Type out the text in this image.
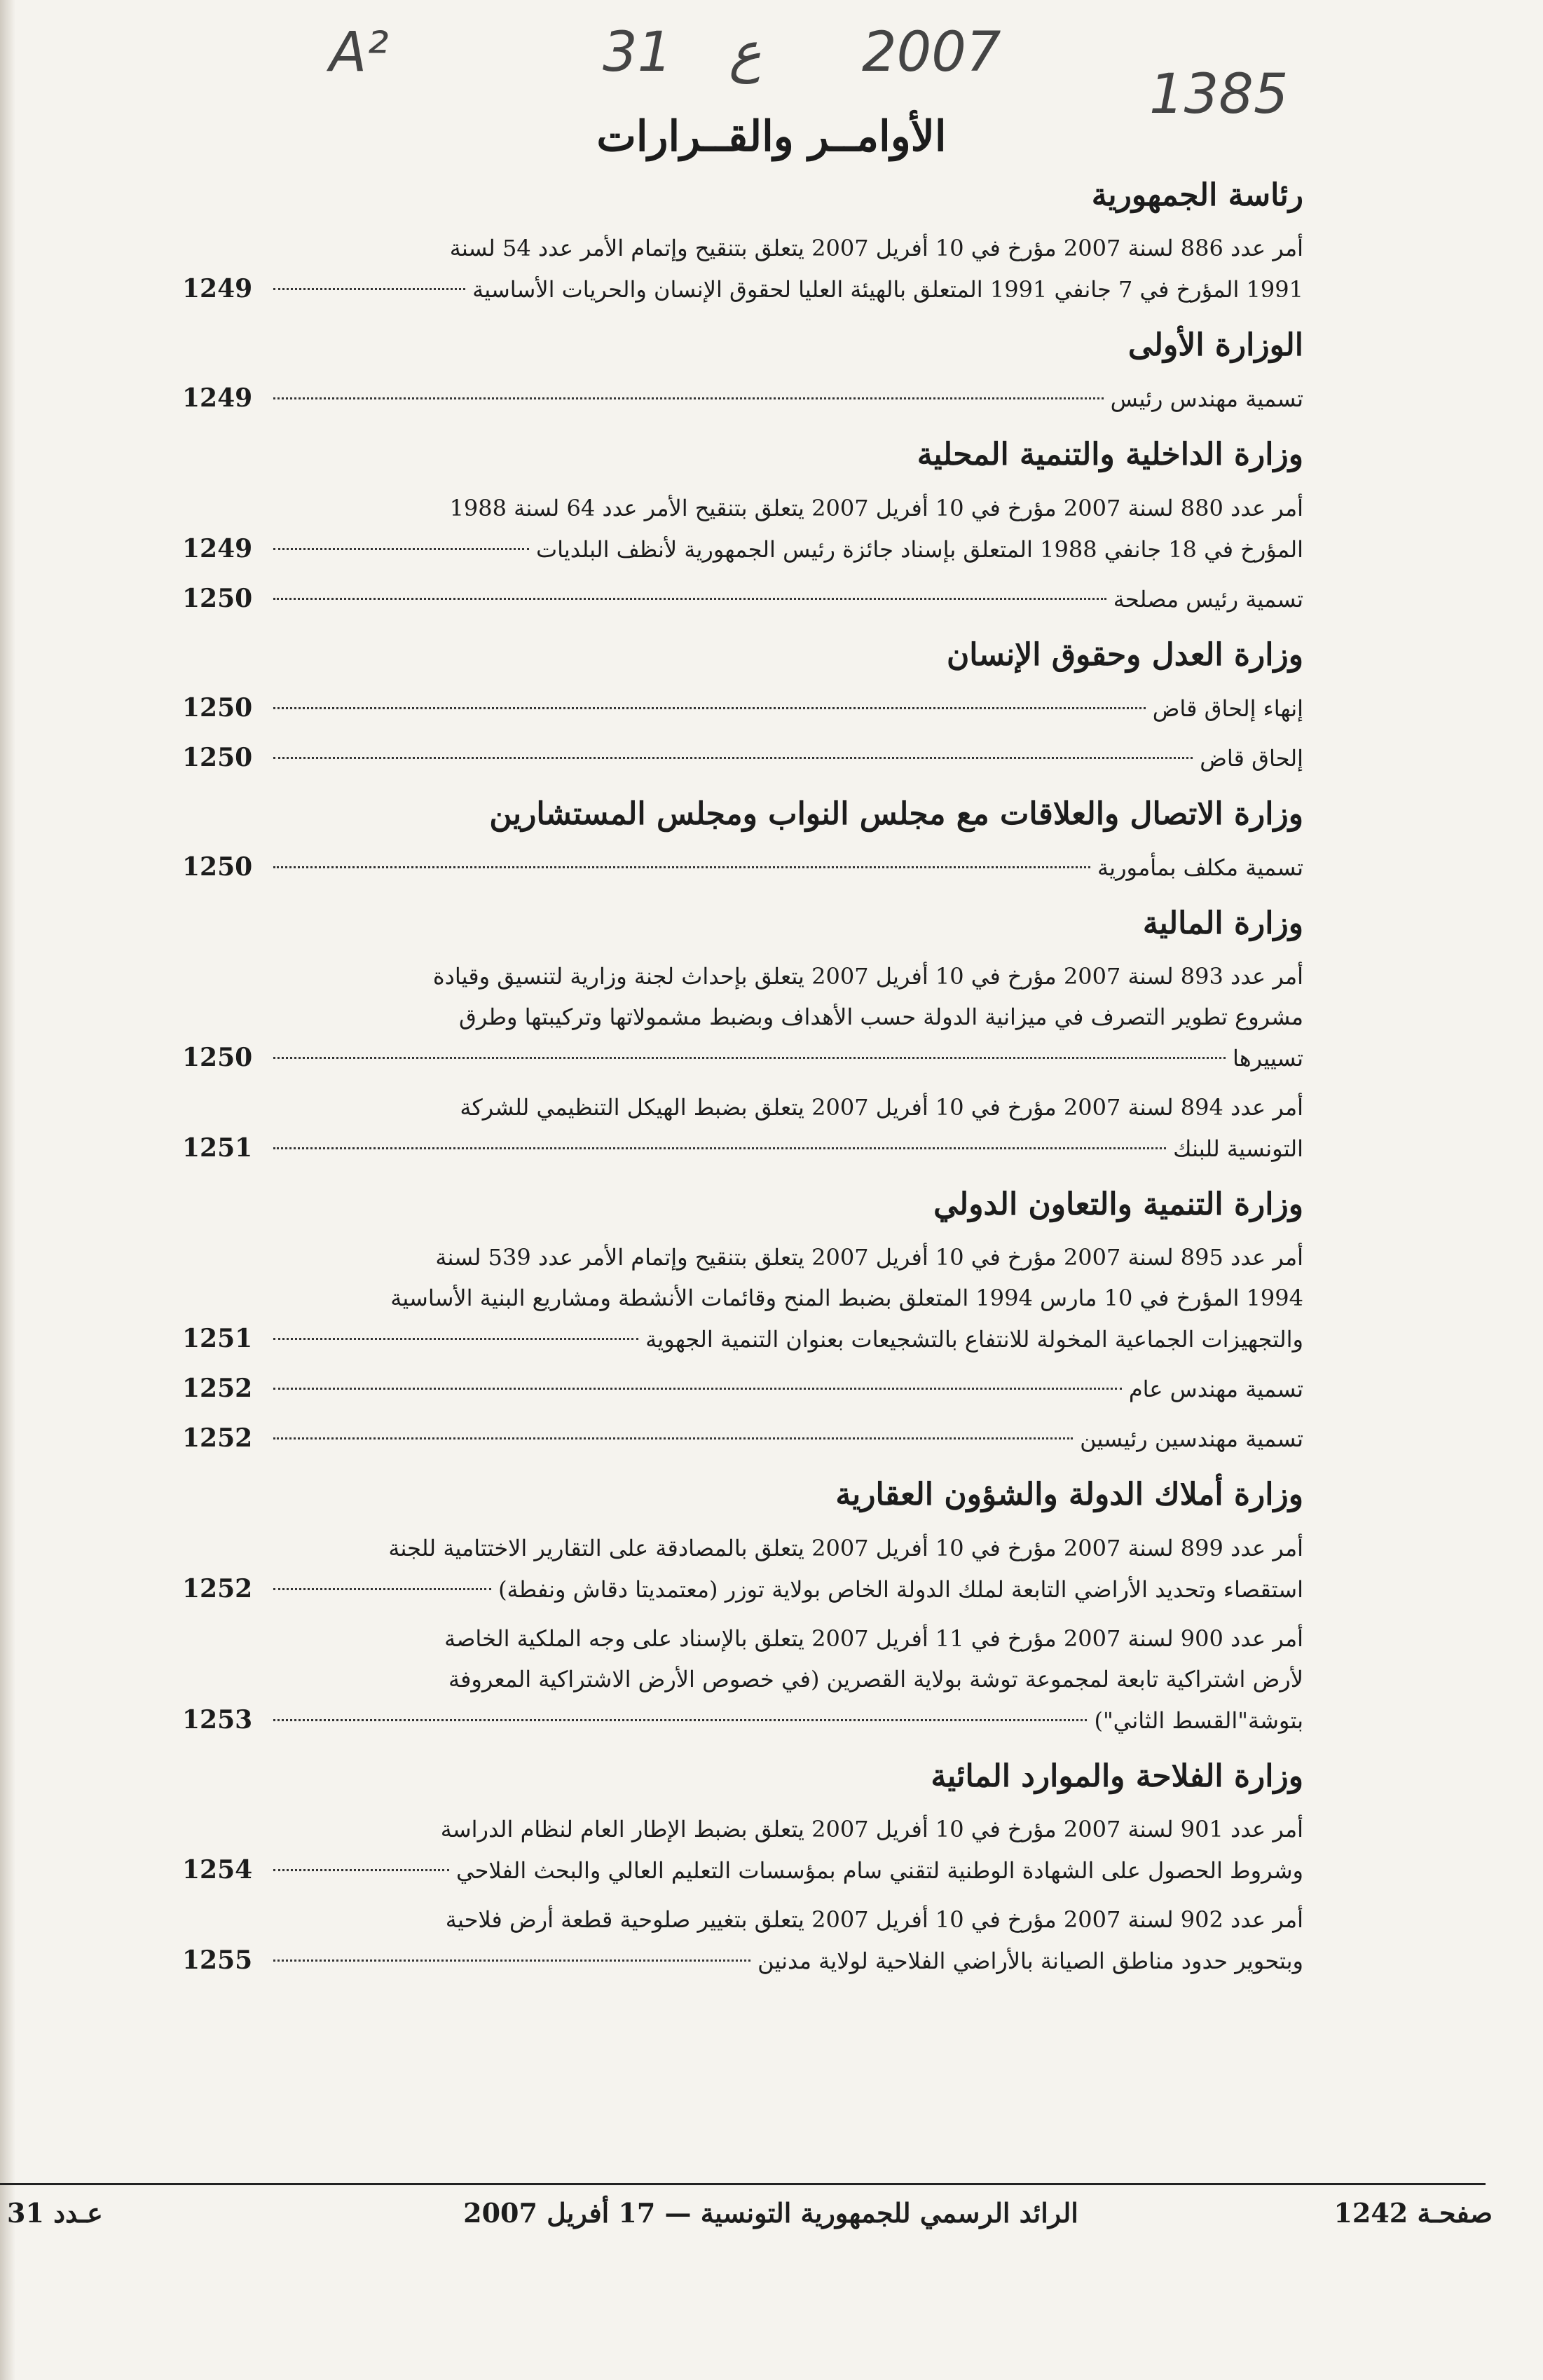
A²	31 ع 2007
1385
الأوامــر والقــرارات
رئاسة الجمهورية
أمر عدد 886 لسنة 2007 مؤرخ في 10 أفريل 2007 يتعلق بتنقيح وإتمام الأمر عدد 54 لسنة
1991 المؤرخ في 7 جانفي 1991 المتعلق بالهيئة العليا لحقوق الإنسان والحريات الأساسية
1249
الوزارة الأولى
تسمية مهندس رئيس
1249
وزارة الداخلية والتنمية المحلية
أمر عدد 880 لسنة 2007 مؤرخ في 10 أفريل 2007 يتعلق بتنقيح الأمر عدد 64 لسنة 1988
المؤرخ في 18 جانفي 1988 المتعلق بإسناد جائزة رئيس الجمهورية لأنظف البلديات
1249
تسمية رئيس مصلحة
1250
وزارة العدل وحقوق الإنسان
إنهاء إلحاق قاض
1250
إلحاق قاض
1250
وزارة الاتصال والعلاقات مع مجلس النواب ومجلس المستشارين
تسمية مكلف بمأمورية
1250
وزارة المالية
أمر عدد 893 لسنة 2007 مؤرخ في 10 أفريل 2007 يتعلق بإحداث لجنة وزارية لتنسيق وقيادة
مشروع تطوير التصرف في ميزانية الدولة حسب الأهداف وبضبط مشمولاتها وتركيبتها وطرق
تسييرها
1250
أمر عدد 894 لسنة 2007 مؤرخ في 10 أفريل 2007 يتعلق بضبط الهيكل التنظيمي للشركة
التونسية للبنك
1251
وزارة التنمية والتعاون الدولي
أمر عدد 895 لسنة 2007 مؤرخ في 10 أفريل 2007 يتعلق بتنقيح وإتمام الأمر عدد 539 لسنة
1994 المؤرخ في 10 مارس 1994 المتعلق بضبط المنح وقائمات الأنشطة ومشاريع البنية الأساسية
والتجهيزات الجماعية المخولة للانتفاع بالتشجيعات بعنوان التنمية الجهوية
1251
تسمية مهندس عام
1252
تسمية مهندسين رئيسين
1252
وزارة أملاك الدولة والشؤون العقارية
أمر عدد 899 لسنة 2007 مؤرخ في 10 أفريل 2007 يتعلق بالمصادقة على التقارير الاختتامية للجنة
استقصاء وتحديد الأراضي التابعة لملك الدولة الخاص بولاية توزر (معتمديتا دقاش ونفطة)
1252
أمر عدد 900 لسنة 2007 مؤرخ في 11 أفريل 2007 يتعلق بالإسناد على وجه الملكية الخاصة
لأرض اشتراكية تابعة لمجموعة توشة بولاية القصرين (في خصوص الأرض الاشتراكية المعروفة
بتوشة"القسط الثاني")
1253
وزارة الفلاحة والموارد المائية
أمر عدد 901 لسنة 2007 مؤرخ في 10 أفريل 2007 يتعلق بضبط الإطار العام لنظام الدراسة
وشروط الحصول على الشهادة الوطنية لتقني سام بمؤسسات التعليم العالي والبحث الفلاحي
1254
أمر عدد 902 لسنة 2007 مؤرخ في 10 أفريل 2007 يتعلق بتغيير صلوحية قطعة أرض فلاحية
وبتحوير حدود مناطق الصيانة بالأراضي الفلاحية لولاية مدنين
1255
صفحـة 1242
الرائد الرسمي للجمهورية التونسية — 17 أفريل 2007
عـدد 31
